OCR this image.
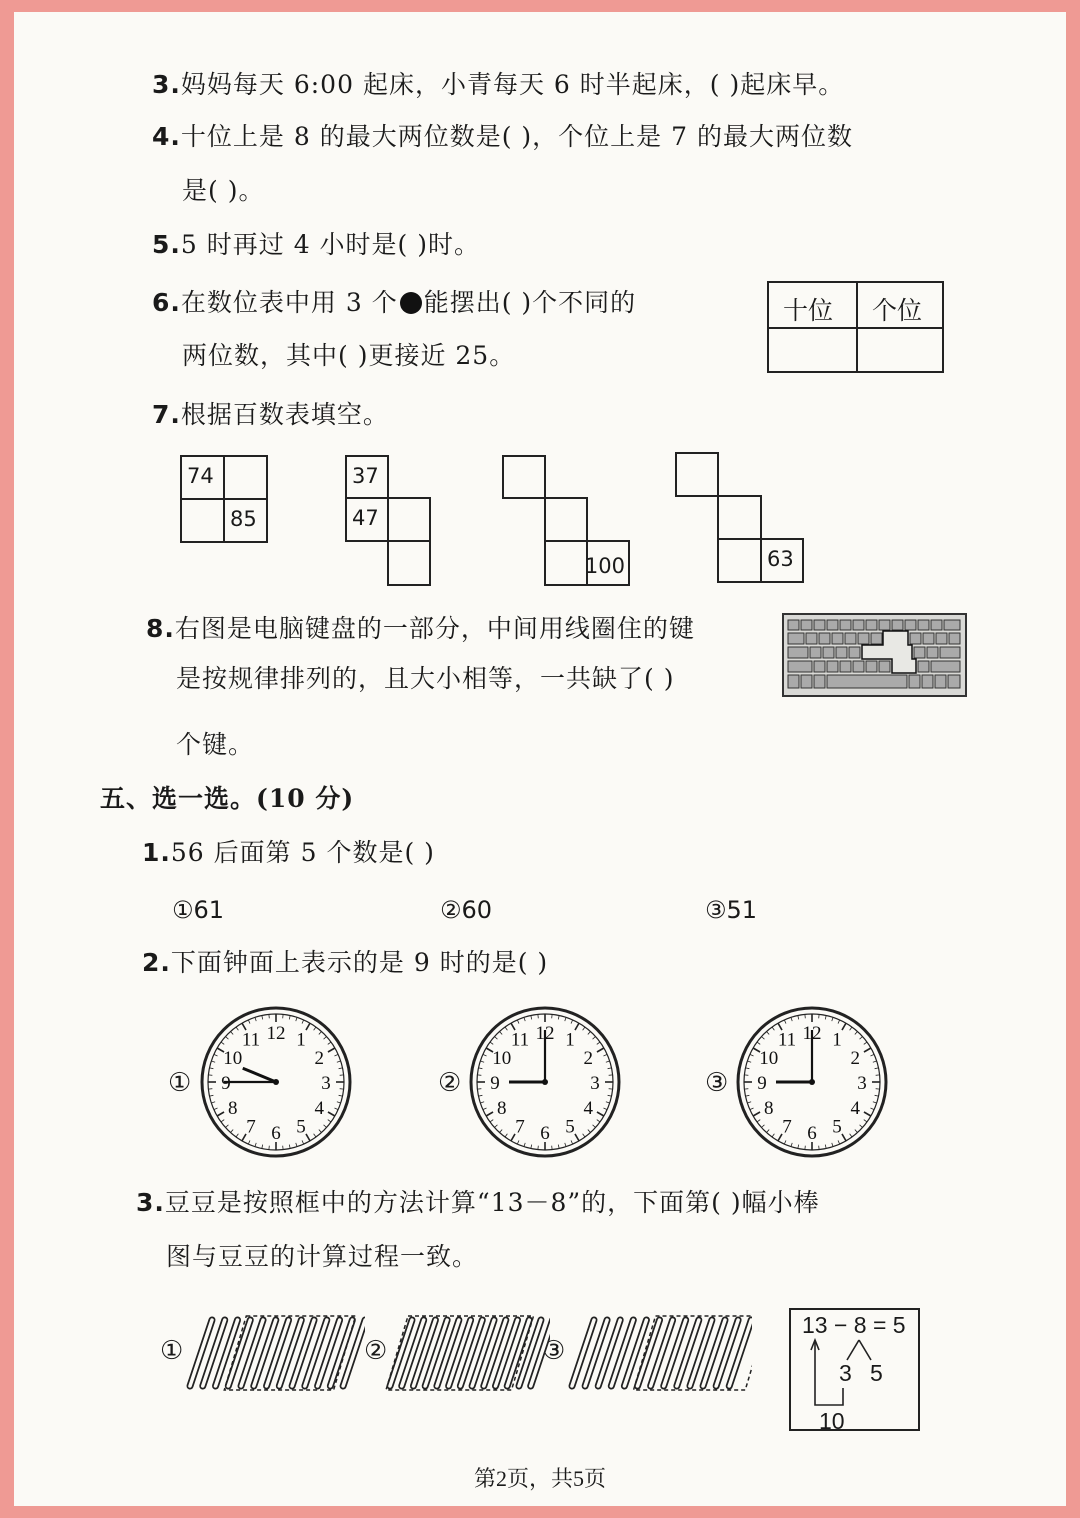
3.妈妈每天 6:00 起床，小青每天 6 时半起床，( )起床早。
4.十位上是 8 的最大两位数是( )，个位上是 7 的最大两位数
是( )。
5.5 时再过 4 小时是( )时。
6.在数位表中用 3 个 能摆出( )个不同的
两位数，其中( )更接近 25。
十位 个位
7.根据百数表填空。
74
85
37
47
100	63
8.右图是电脑键盘的一部分，中间用线圈住的键
是按规律排列的，且大小相等，一共缺了( )
个键。
五、选一选。(10 分)
1.56 后面第 5 个数是( )
①61	②60	③51
2.下面钟面上表示的是 9 时的是( )
①	②	③
12 1
2
3
4
5
6
7
8
9
10
11	12 1
2
3
4
5
6
7
8
9
10
11	12 1
2
3
4
5
6
7
8
9
10
11
3.豆豆是按照框中的方法计算“13－8”的，下面第( )幅小棒
图与豆豆的计算过程一致。
①	②	③
13 − 8 = 5
3 5
10
第2页，共5页
